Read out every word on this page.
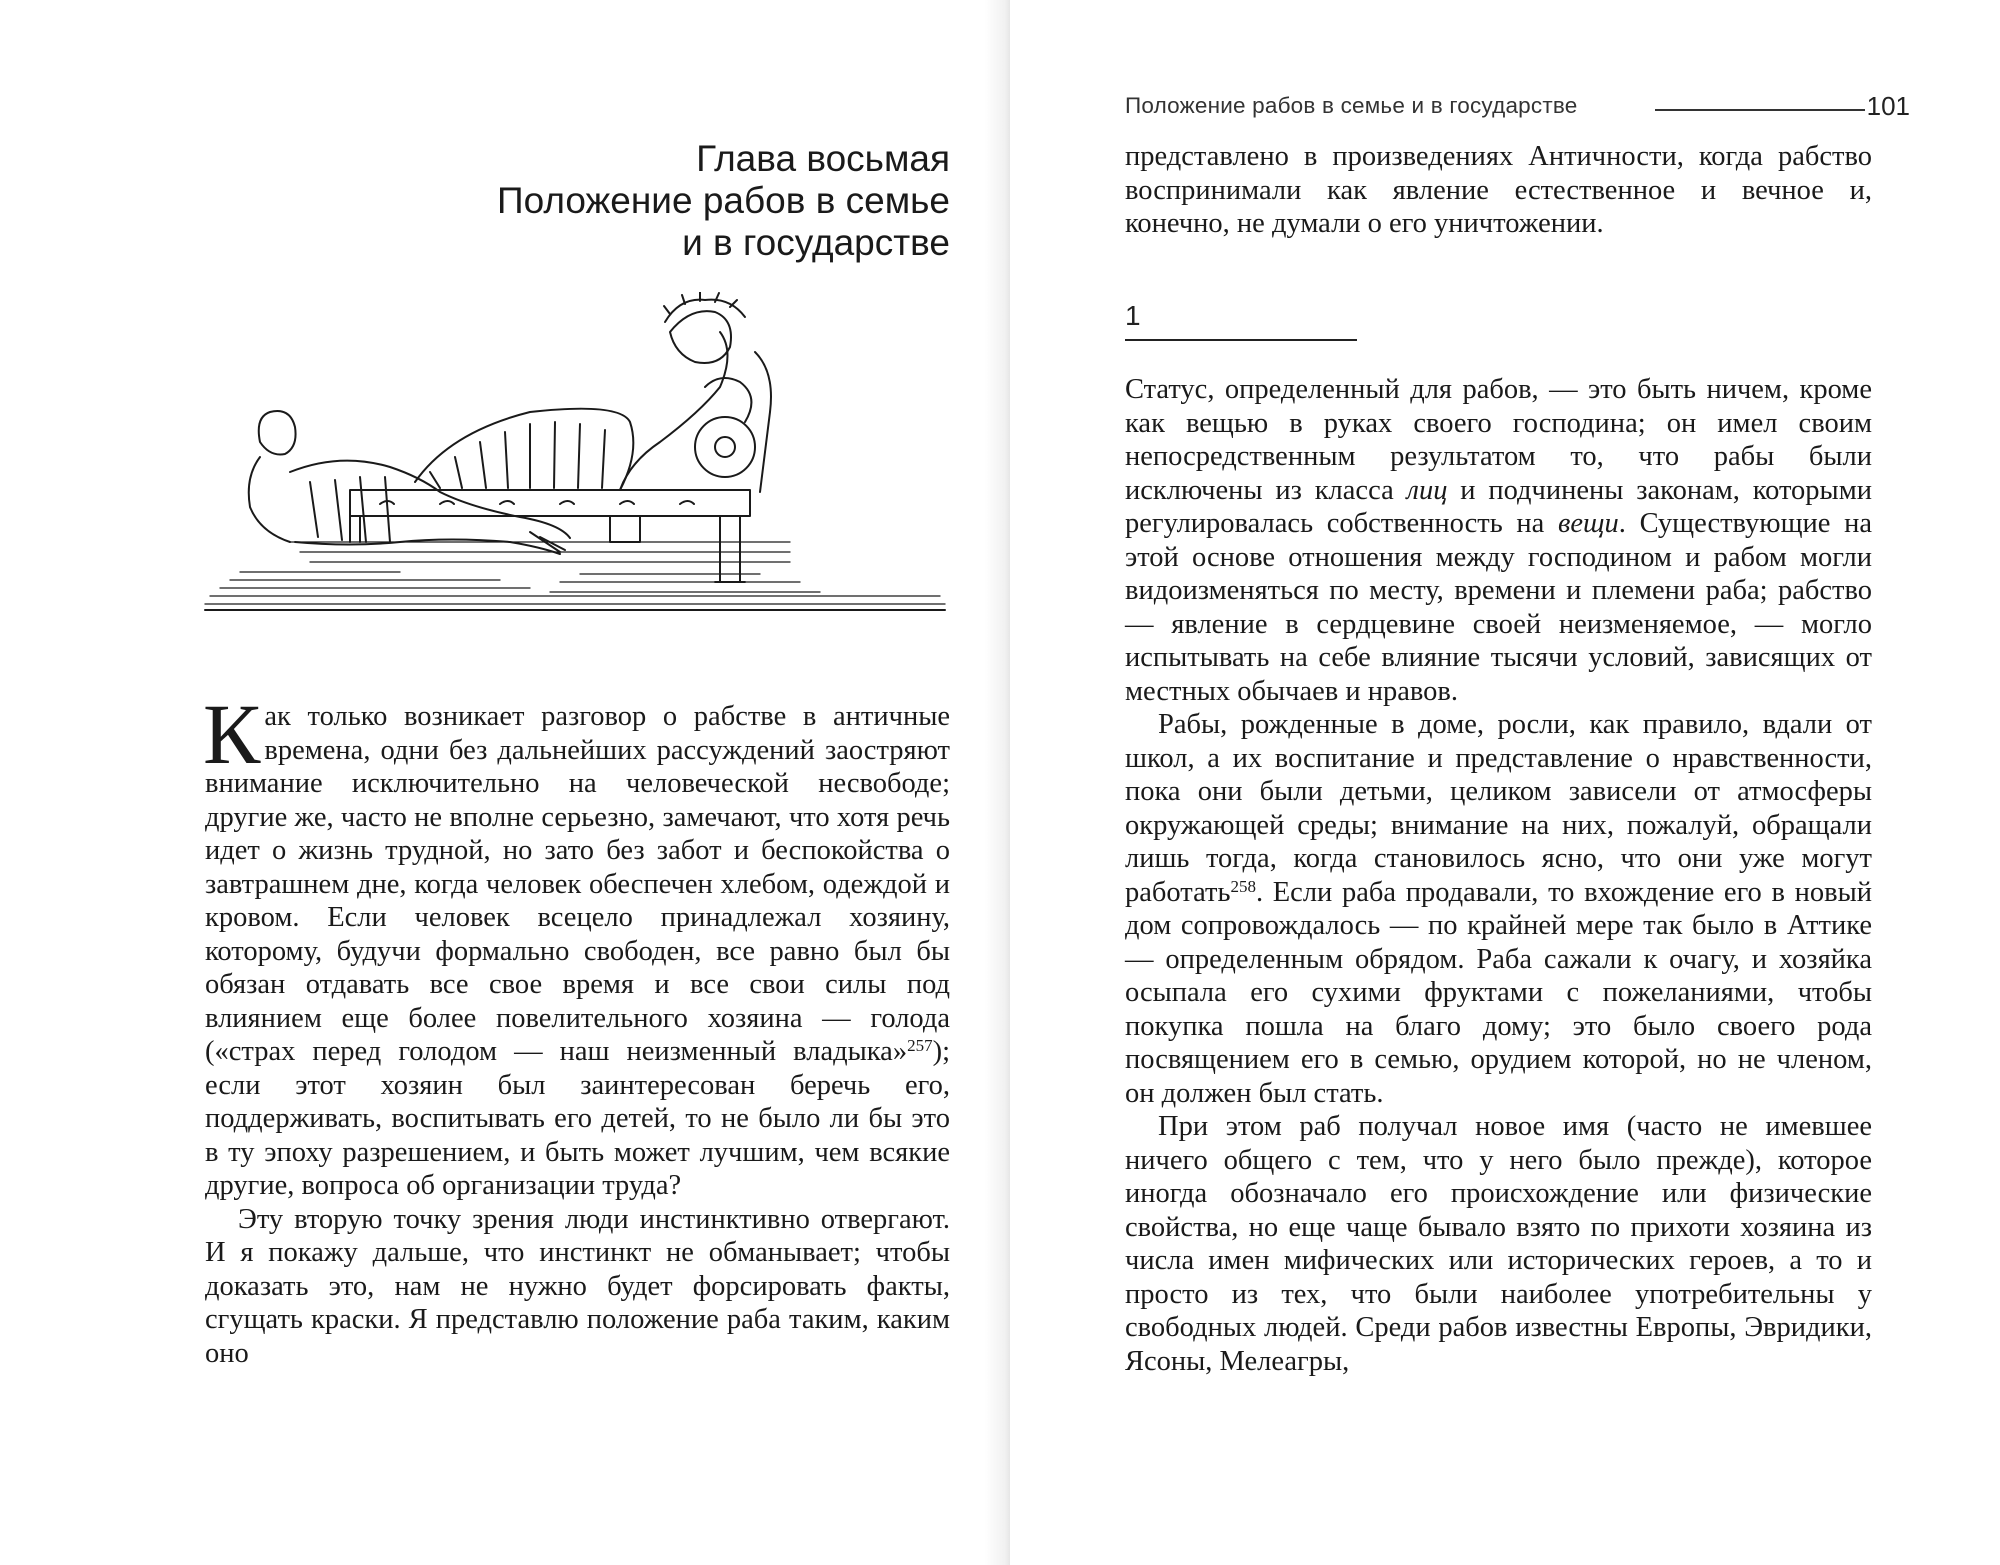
Глава восьмая
Положение рабов в семье
и в государстве

Как только возникает разговор о рабстве в античные времена, одни без дальнейших рассуждений заостряют внимание исключительно на человеческой несвободе; другие же, часто не вполне серьезно, замечают, что хотя речь идет о жизнь трудной, но зато без забот и беспокойства о завтрашнем дне, когда человек обеспечен хлебом, одеждой и кровом. Если человек всецело принадлежал хозяину, которому, будучи формально свободен, все равно был бы обязан отдавать все свое время и все свои силы под влиянием еще более повелительного хозяина — голода («страх перед голодом — наш неизменный владыка»$^{257}$); если этот хозяин был заинтересован беречь его, поддерживать, воспитывать его детей, то не было ли бы это в ту эпоху разрешением, и быть может лучшим, чем всякие другие, вопроса об организации труда?

Эту вторую точку зрения люди инстинктивно отвергают. И я покажу дальше, что инстинкт не обманывает; чтобы доказать это, нам не нужно будет форсировать факты, сгущать краски. Я представлю положение раба таким, каким оно

Положение рабов в семье и в государстве	101

представлено в произведениях Античности, когда рабство воспринимали как явление естественное и вечное и, конечно, не думали о его уничтожении.

1

Статус, определенный для рабов, — это быть ничем, кроме как вещью в руках своего господина; он имел своим непосредственным результатом то, что рабы были исключены из класса лиц и подчинены законам, которыми регулировалась собственность на вещи. Существующие на этой основе отношения между господином и рабом могли видоизменяться по месту, времени и племени раба; рабство — явление в сердцевине своей неизменяемое, — могло испытывать на себе влияние тысячи условий, зависящих от местных обычаев и нравов.

Рабы, рожденные в доме, росли, как правило, вдали от школ, а их воспитание и представление о нравственности, пока они были детьми, целиком зависели от атмосферы окружающей среды; внимание на них, пожалуй, обращали лишь тогда, когда становилось ясно, что они уже могут работать$^{258}$. Если раба продавали, то вхождение его в новый дом сопровождалось — по крайней мере так было в Аттике — определенным обрядом. Раба сажали к очагу, и хозяйка осыпала его сухими фруктами с пожеланиями, чтобы покупка пошла на благо дому; это было своего рода посвящением его в семью, орудием которой, но не членом, он должен был стать.

При этом раб получал новое имя (часто не имевшее ничего общего с тем, что у него было прежде), которое иногда обозначало его происхождение или физические свойства, но еще чаще бывало взято по прихоти хозяина из числа имен мифических или исторических героев, а то и просто из тех, что были наиболее употребительны у свободных людей. Среди рабов известны Европы, Эвридики, Ясоны, Мелеагры,
